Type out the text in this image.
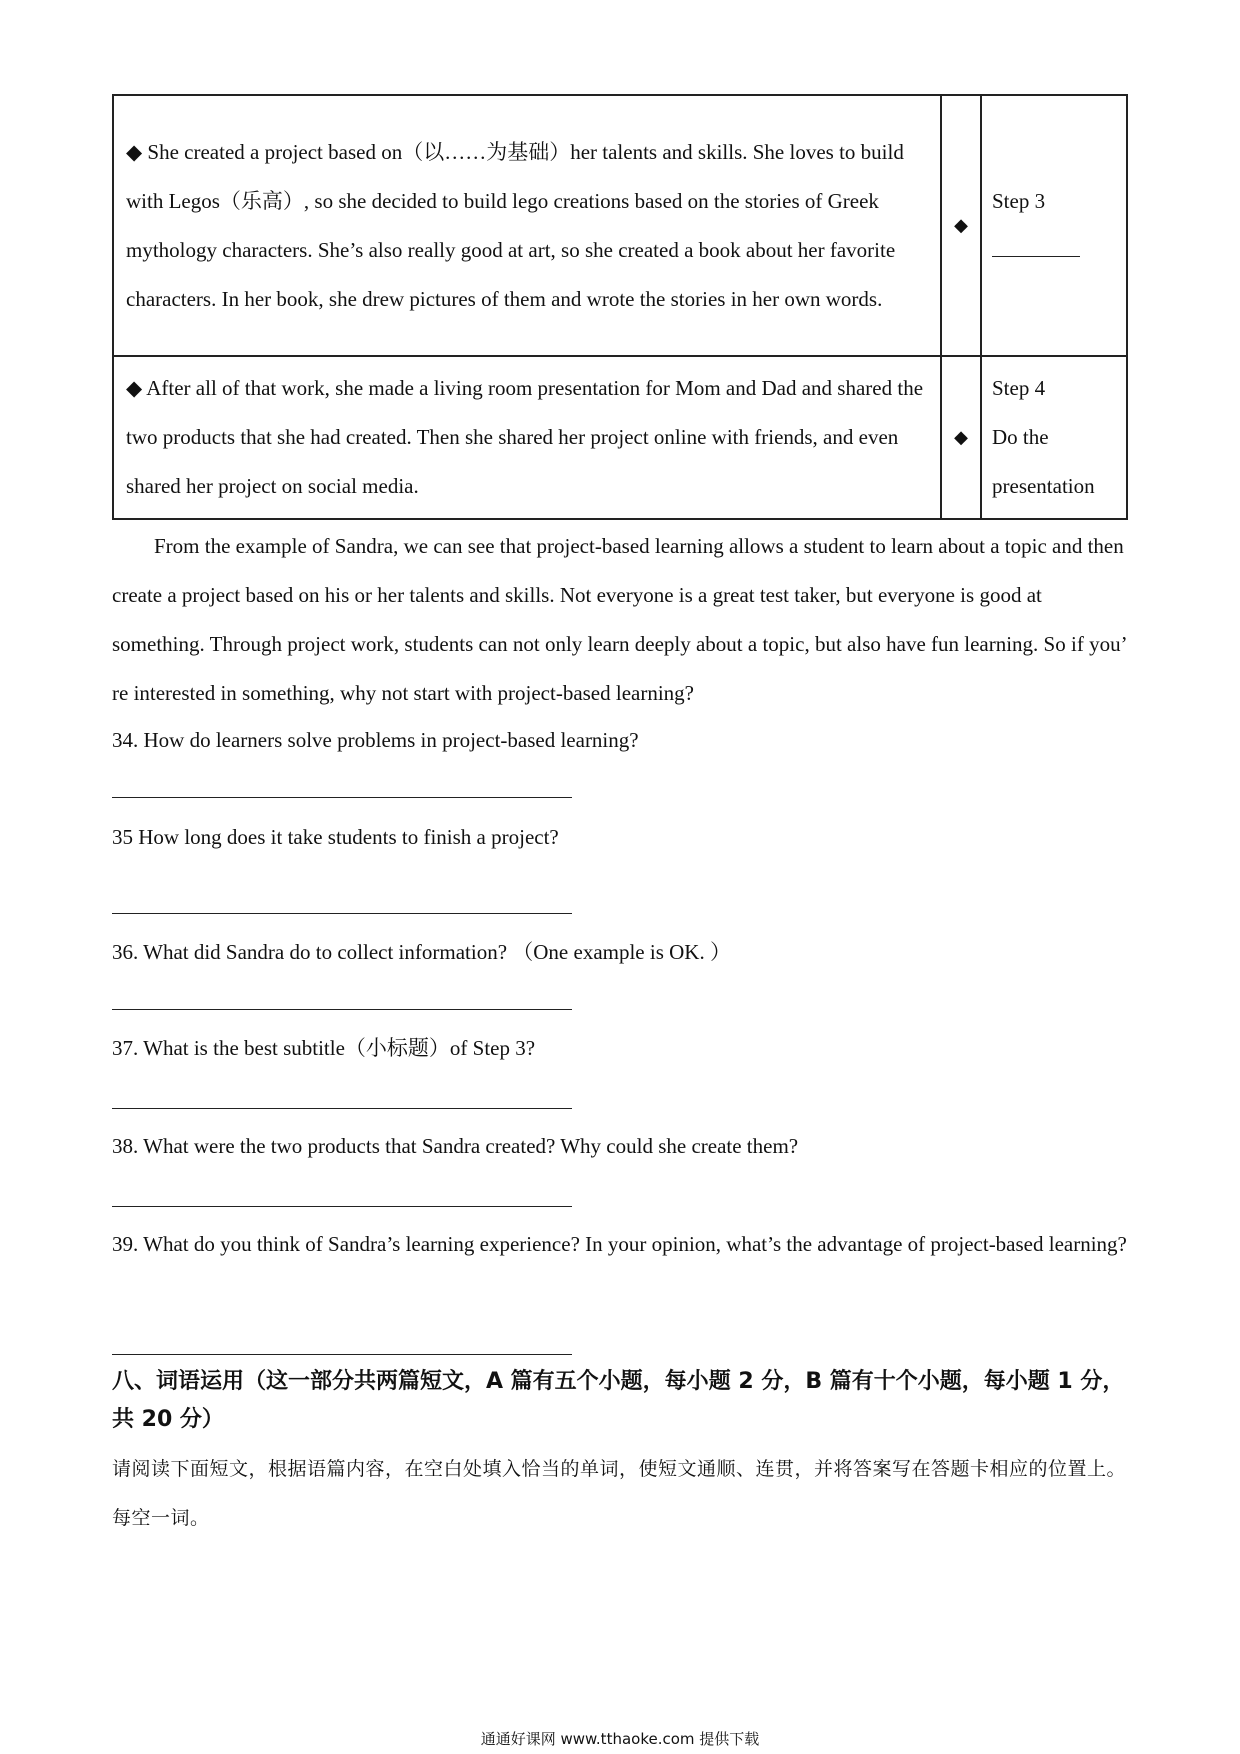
◆ She created a project based on（以……为基础）her talents and skills. She loves to build with Legos（乐高）, so she decided to build lego creations based on the stories of Greek mythology characters. She’s also really good at art, so she created a book about her favorite characters. In her book, she drew pictures of them and wrote the stories in her own words.	◆	Step 3

◆ After all of that work, she made a living room presentation for Mom and Dad and shared the two products that she had created. Then she shared her project online with friends, and even shared her project on social media.	◆	Step 4
Do the presentation

From the example of Sandra, we can see that project-based learning allows a student to learn about a topic and then create a project based on his or her talents and skills. Not everyone is a great test taker, but everyone is good at something. Through project work, students can not only learn deeply about a topic, but also have fun learning. So if you’ re interested in something, why not start with project-based learning?

34. How do learners solve problems in project-based learning?

35 How long does it take students to finish a project?

36. What did Sandra do to collect information? （One example is OK. ）

37. What is the best subtitle（小标题）of Step 3?

38. What were the two products that Sandra created? Why could she create them?

39. What do you think of Sandra’s learning experience? In your opinion, what’s the advantage of project-based learning?

八、词语运用（这一部分共两篇短文，A 篇有五个小题，每小题 2 分，B 篇有十个小题，每小题 1 分，共 20 分）

请阅读下面短文，根据语篇内容，在空白处填入恰当的单词，使短文通顺、连贯，并将答案写在答题卡相应的位置上。每空一词。

通通好课网 www.tthaoke.com 提供下载
